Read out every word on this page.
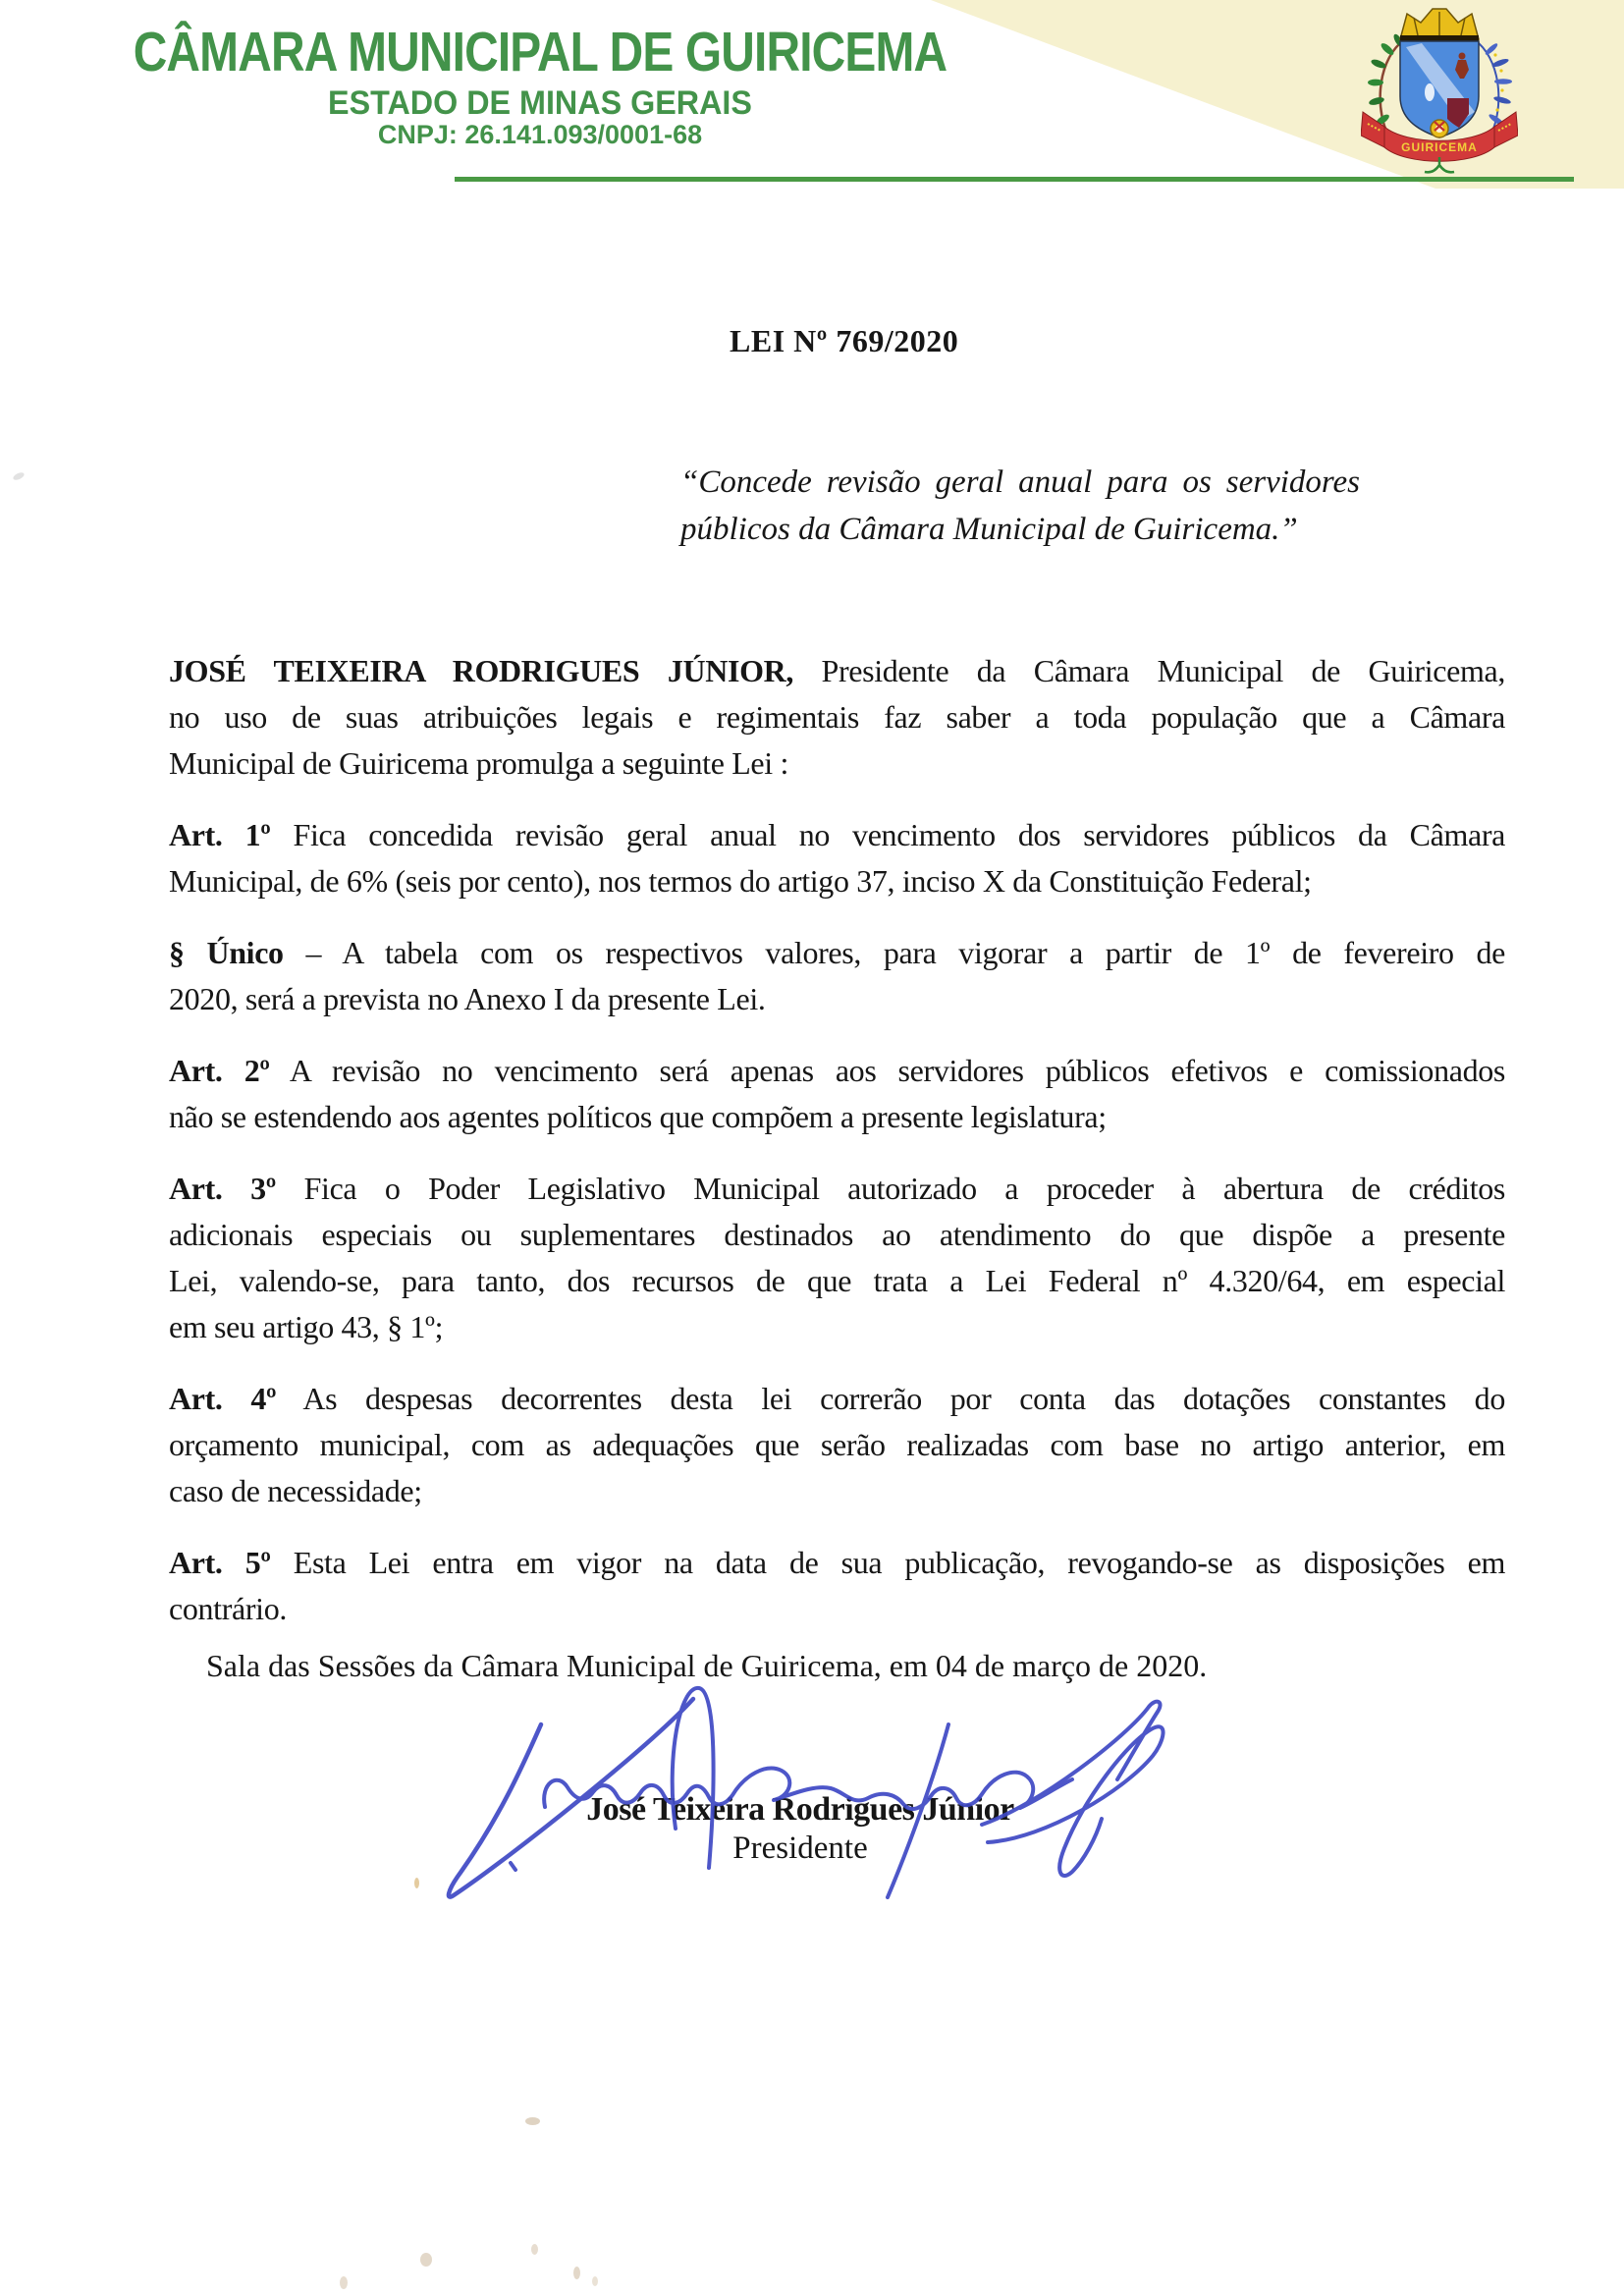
CÂMARA MUNICIPAL DE GUIRICEMA
ESTADO DE MINAS GERAIS
CNPJ: 26.141.093/0001-68	GUIRICEMA
LEI Nº 769/2020
“Concede revisão geral anual para os servidores
públicos da Câmara Municipal de Guiricema.”
JOSÉ TEIXEIRA RODRIGUES JÚNIOR, Presidente da Câmara Municipal de Guiricema,
no uso de suas atribuições legais e regimentais faz saber a toda população que a Câmara
Municipal de Guiricema promulga a seguinte Lei :
Art. 1º Fica concedida revisão geral anual no vencimento dos servidores públicos da Câmara
Municipal, de 6% (seis por cento), nos termos do artigo 37, inciso X da Constituição Federal;
§ Único – A tabela com os respectivos valores, para vigorar a partir de 1º de fevereiro de
2020, será a prevista no Anexo I da presente Lei.
Art. 2º A revisão no vencimento será apenas aos servidores públicos efetivos e comissionados
não se estendendo aos agentes políticos que compõem a presente legislatura;
Art. 3º Fica o Poder Legislativo Municipal autorizado a proceder à abertura de créditos
adicionais especiais ou suplementares destinados ao atendimento do que dispõe a presente
Lei, valendo-se, para tanto, dos recursos de que trata a Lei Federal nº 4.320/64, em especial
em seu artigo 43, § 1º;
Art. 4º As despesas decorrentes desta lei correrão por conta das dotações constantes do
orçamento municipal, com as adequações que serão realizadas com base no artigo anterior, em
caso de necessidade;
Art. 5º Esta Lei entra em vigor na data de sua publicação, revogando-se as disposições em
contrário.
Sala das Sessões da Câmara Municipal de Guiricema, em 04 de março de 2020.
José Teixeira Rodrigues Júnior
Presidente
